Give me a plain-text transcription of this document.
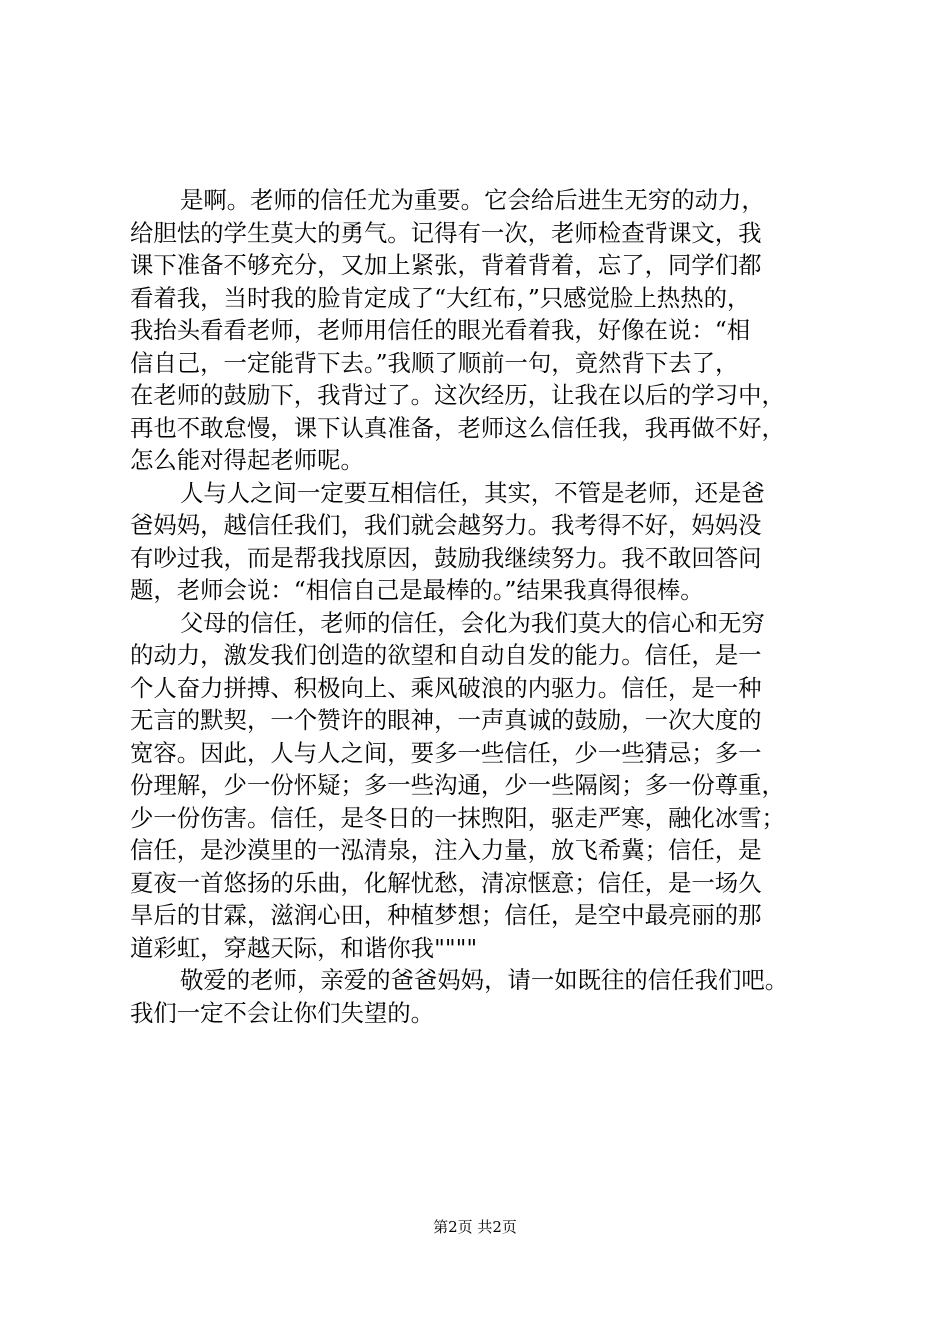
是啊。老师的信任尤为重要。它会给后进生无穷的动力，
给胆怯的学生莫大的勇气。记得有一次，老师检查背课文，我
课下准备不够充分，又加上紧张，背着背着，忘了，同学们都
看着我，当时我的脸肯定成了“大红布，”只感觉脸上热热的，
我抬头看看老师，老师用信任的眼光看着我，好像在说：“相
信自己，一定能背下去。”我顺了顺前一句，竟然背下去了，
在老师的鼓励下，我背过了。这次经历，让我在以后的学习中，
再也不敢怠慢，课下认真准备，老师这么信任我，我再做不好，
怎么能对得起老师呢。

人与人之间一定要互相信任，其实，不管是老师，还是爸
爸妈妈，越信任我们，我们就会越努力。我考得不好，妈妈没
有吵过我，而是帮我找原因，鼓励我继续努力。我不敢回答问
题，老师会说：“相信自己是最棒的。”结果我真得很棒。

父母的信任，老师的信任，会化为我们莫大的信心和无穷
的动力，激发我们创造的欲望和自动自发的能力。信任，是一
个人奋力拼搏、积极向上、乘风破浪的内驱力。信任，是一种
无言的默契，一个赞许的眼神，一声真诚的鼓励，一次大度的
宽容。因此，人与人之间，要多一些信任，少一些猜忌；多一
份理解，少一份怀疑；多一些沟通，少一些隔阂；多一份尊重，
少一份伤害。信任，是冬日的一抹煦阳，驱走严寒，融化冰雪；
信任，是沙漠里的一泓清泉，注入力量，放飞希冀；信任，是
夏夜一首悠扬的乐曲，化解忧愁，清凉惬意；信任，是一场久
旱后的甘霖，滋润心田，种植梦想；信任，是空中最亮丽的那
道彩虹，穿越天际，和谐你我""""

敬爱的老师，亲爱的爸爸妈妈，请一如既往的信任我们吧。
我们一定不会让你们失望的。

第2页 共2页
